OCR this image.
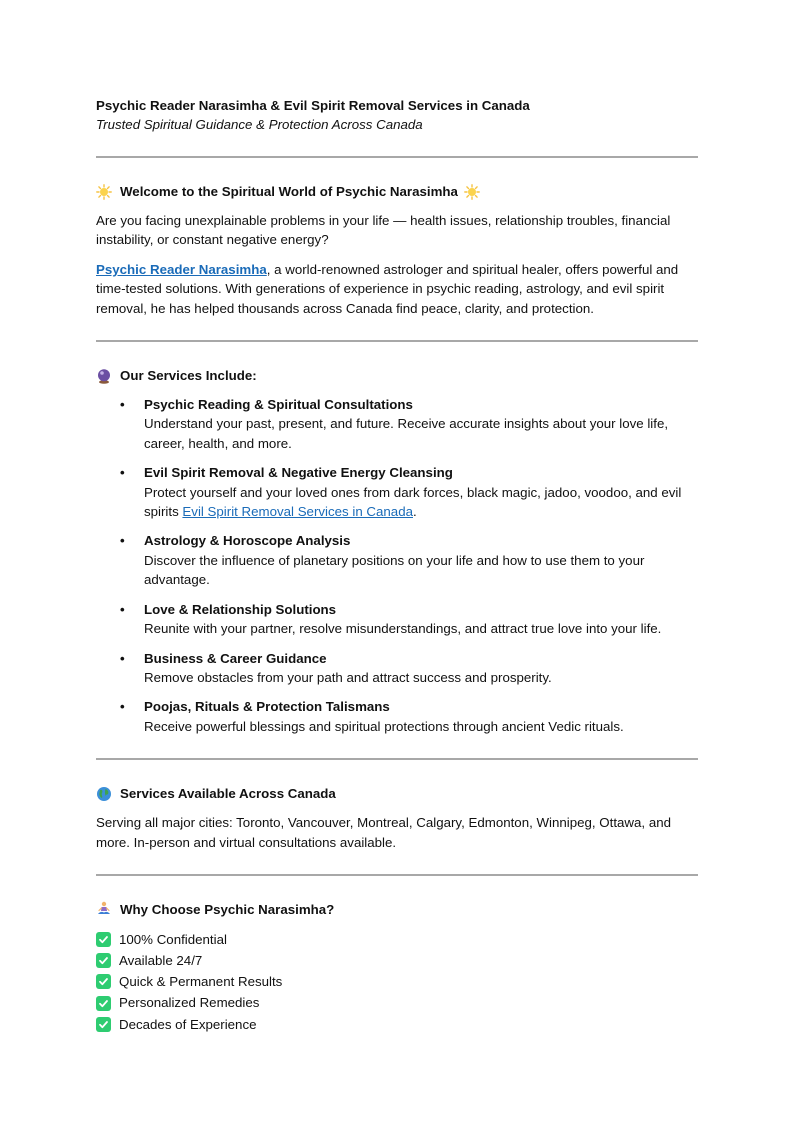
Psychic Reader Narasimha & Evil Spirit Removal Services in Canada

Trusted Spiritual Guidance & Protection Across Canada

Welcome to the Spiritual World of Psychic Narasimha

Are you facing unexplainable problems in your life — health issues, relationship troubles, financial instability, or constant negative energy?

Psychic Reader Narasimha, a world-renowned astrologer and spiritual healer, offers powerful and time-tested solutions. With generations of experience in psychic reading, astrology, and evil spirit removal, he has helped thousands across Canada find peace, clarity, and protection.

Our Services Include:
• Psychic Reading & Spiritual Consultations
Understand your past, present, and future. Receive accurate insights about your love life, career, health, and more.
• Evil Spirit Removal & Negative Energy Cleansing
Protect yourself and your loved ones from dark forces, black magic, jadoo, voodoo, and evil spirits Evil Spirit Removal Services in Canada.
• Astrology & Horoscope Analysis
Discover the influence of planetary positions on your life and how to use them to your advantage.
• Love & Relationship Solutions
Reunite with your partner, resolve misunderstandings, and attract true love into your life.
• Business & Career Guidance
Remove obstacles from your path and attract success and prosperity.
• Poojas, Rituals & Protection Talismans
Receive powerful blessings and spiritual protections through ancient Vedic rituals.
Services Available Across Canada

Serving all major cities: Toronto, Vancouver, Montreal, Calgary, Edmonton, Winnipeg, Ottawa, and more. In-person and virtual consultations available.

Why Choose Psychic Narasimha?
100% Confidential
Available 24/7
Quick & Permanent Results
Personalized Remedies
Decades of Experience
